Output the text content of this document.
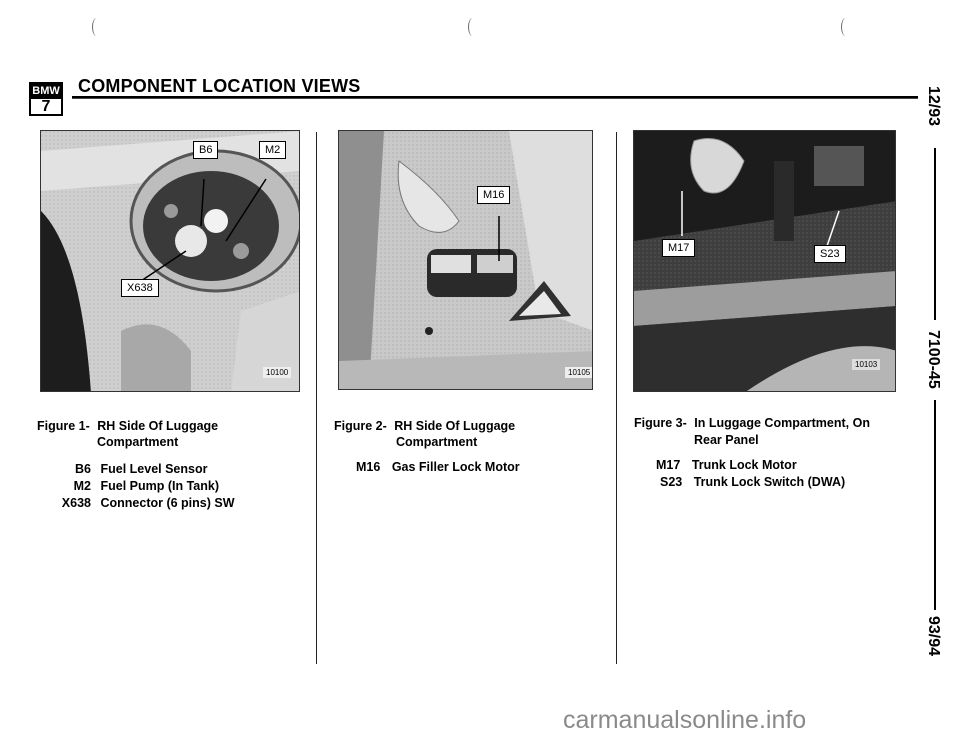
BMW
7
COMPONENT LOCATION VIEWS	12/93
7100-45
93/94
B6	M2
X638
10100
M16
10105
M17	S23
10103
Figure 1- RH Side Of Luggage
Compartment
B6 Fuel Level Sensor
M2 Fuel Pump (In Tank)
X638 Connector (6 pins) SW
Figure 2- RH Side Of Luggage
Compartment
M16 Gas Filler Lock Motor
Figure 3- In Luggage Compartment, On
Rear Panel
M17 Trunk Lock Motor
S23 Trunk Lock Switch (DWA)
carmanualsonline.info
